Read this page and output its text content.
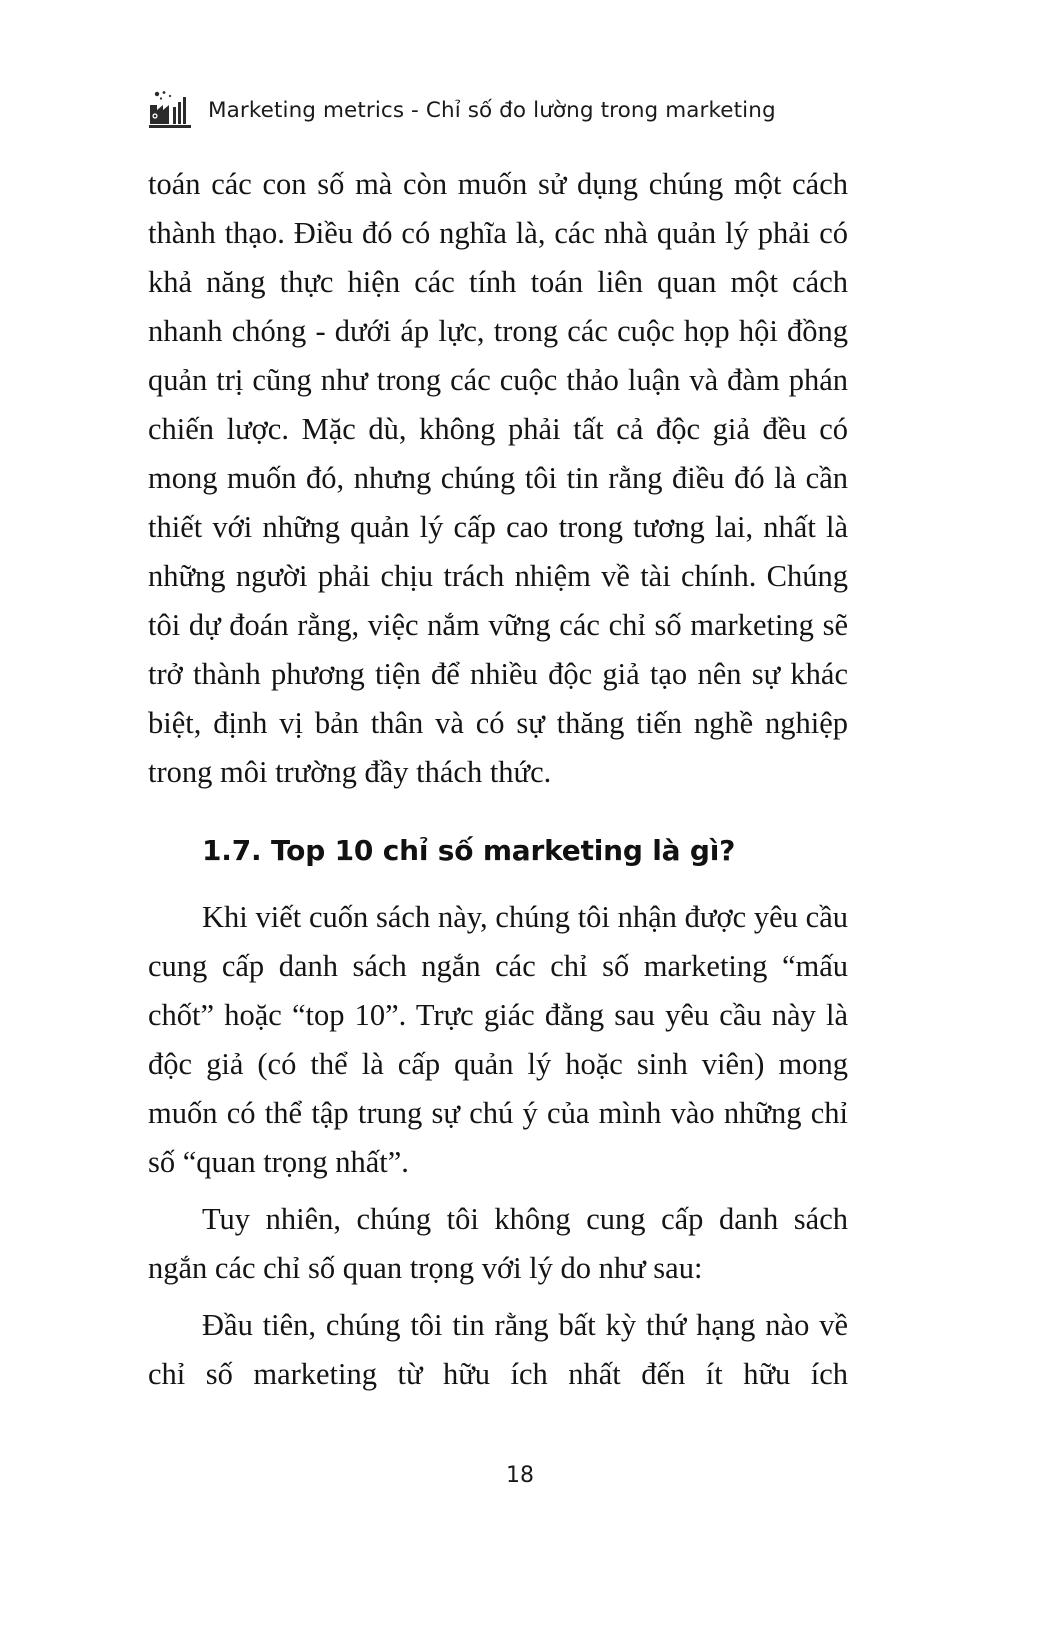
Marketing metrics - Chỉ số đo lường trong marketing

toán các con số mà còn muốn sử dụng chúng một cách thành thạo. Điều đó có nghĩa là, các nhà quản lý phải có khả năng thực hiện các tính toán liên quan một cách nhanh chóng - dưới áp lực, trong các cuộc họp hội đồng quản trị cũng như trong các cuộc thảo luận và đàm phán chiến lược. Mặc dù, không phải tất cả độc giả đều có mong muốn đó, nhưng chúng tôi tin rằng điều đó là cần thiết với những quản lý cấp cao trong tương lai, nhất là những người phải chịu trách nhiệm về tài chính. Chúng tôi dự đoán rằng, việc nắm vững các chỉ số marketing sẽ trở thành phương tiện để nhiều độc giả tạo nên sự khác biệt, định vị bản thân và có sự thăng tiến nghề nghiệp trong môi trường đầy thách thức.

1.7. Top 10 chỉ số marketing là gì?

Khi viết cuốn sách này, chúng tôi nhận được yêu cầu cung cấp danh sách ngắn các chỉ số marketing “mấu chốt” hoặc “top 10”. Trực giác đằng sau yêu cầu này là độc giả (có thể là cấp quản lý hoặc sinh viên) mong muốn có thể tập trung sự chú ý của mình vào những chỉ số “quan trọng nhất”.

Tuy nhiên, chúng tôi không cung cấp danh sách ngắn các chỉ số quan trọng với lý do như sau:

Đầu tiên, chúng tôi tin rằng bất kỳ thứ hạng nào về chỉ số marketing từ hữu ích nhất đến ít hữu ích

18
